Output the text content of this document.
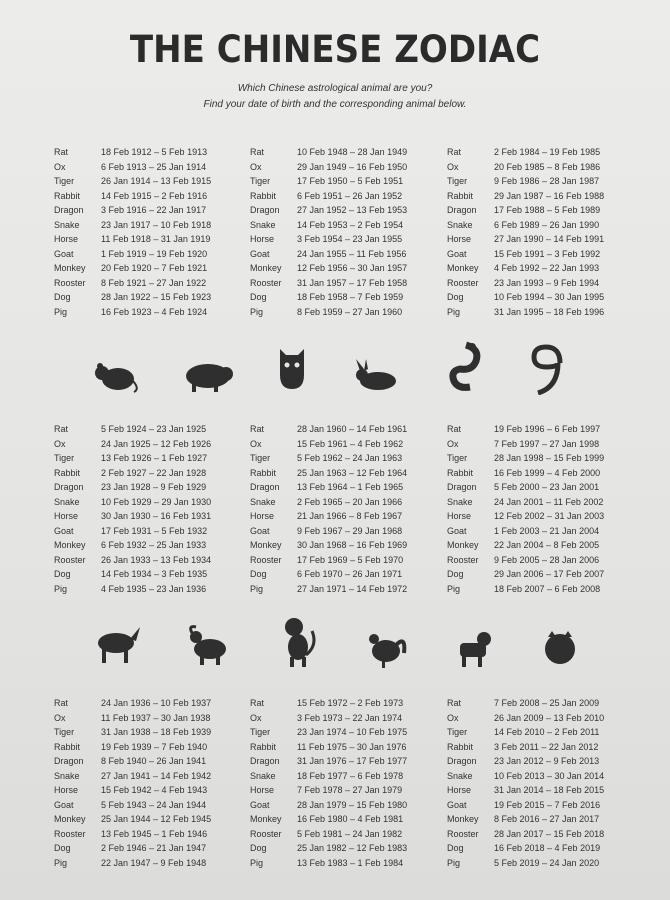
THE CHINESE ZODIAC
Which Chinese astrological animal are you?
Find your date of birth and the corresponding animal below.
Rat	18 Feb 1912 – 5 Feb 1913
Ox	6 Feb 1913 – 25 Jan 1914
Tiger	26 Jan 1914 – 13 Feb 1915
Rabbit 14 Feb 1915 – 2 Feb 1916
Dragon 3 Feb 1916 – 22 Jan 1917
Snake 23 Jan 1917 – 10 Feb 1918
Horse	11 Feb 1918 – 31 Jan 1919
Goat	1 Feb 1919 – 19 Feb 1920
Monkey 20 Feb 1920 – 7 Feb 1921
Rooster 8 Feb 1921 – 27 Jan 1922
Dog	28 Jan 1922 – 15 Feb 1923
Pig	16 Feb 1923 – 4 Feb 1924
Rat	10 Feb 1948 – 28 Jan 1949
Ox	29 Jan 1949 – 16 Feb 1950
Tiger	17 Feb 1950 – 5 Feb 1951
Rabbit 6 Feb 1951 – 26 Jan 1952
Dragon 27 Jan 1952 – 13 Feb 1953
Snake 14 Feb 1953 – 2 Feb 1954
Horse	3 Feb 1954 – 23 Jan 1955
Goat	24 Jan 1955 – 11 Feb 1956
Monkey 12 Feb 1956 – 30 Jan 1957
Rooster 31 Jan 1957 – 17 Feb 1958
Dog	18 Feb 1958 – 7 Feb 1959
Pig	8 Feb 1959 – 27 Jan 1960
Rat	2 Feb 1984 – 19 Feb 1985
Ox	20 Feb 1985 – 8 Feb 1986
Tiger	9 Feb 1986 – 28 Jan 1987
Rabbit 29 Jan 1987 – 16 Feb 1988
Dragon 17 Feb 1988 – 5 Feb 1989
Snake 6 Feb 1989 – 26 Jan 1990
Horse	27 Jan 1990 – 14 Feb 1991
Goat	15 Feb 1991 – 3 Feb 1992
Monkey 4 Feb 1992 – 22 Jan 1993
Rooster 23 Jan 1993 – 9 Feb 1994
Dog	10 Feb 1994 – 30 Jan 1995
Pig	31 Jan 1995 – 18 Feb 1996
Rat	5 Feb 1924 – 23 Jan 1925
Ox	24 Jan 1925 – 12 Feb 1926
Tiger	13 Feb 1926 – 1 Feb 1927
Rabbit 2 Feb 1927 – 22 Jan 1928
Dragon 23 Jan 1928 – 9 Feb 1929
Snake 10 Feb 1929 – 29 Jan 1930
Horse	30 Jan 1930 – 16 Feb 1931
Goat	17 Feb 1931 – 5 Feb 1932
Monkey 6 Feb 1932 – 25 Jan 1933
Rooster 26 Jan 1933 – 13 Feb 1934
Dog	14 Feb 1934 – 3 Feb 1935
Pig	4 Feb 1935 – 23 Jan 1936
Rat	28 Jan 1960 – 14 Feb 1961
Ox	15 Feb 1961 – 4 Feb 1962
Tiger	5 Feb 1962 – 24 Jan 1963
Rabbit 25 Jan 1963 – 12 Feb 1964
Dragon 13 Feb 1964 – 1 Feb 1965
Snake 2 Feb 1965 – 20 Jan 1966
Horse	21 Jan 1966 – 8 Feb 1967
Goat	9 Feb 1967 – 29 Jan 1968
Monkey 30 Jan 1968 – 16 Feb 1969
Rooster 17 Feb 1969 – 5 Feb 1970
Dog	6 Feb 1970 – 26 Jan 1971
Pig	27 Jan 1971 – 14 Feb 1972
Rat	19 Feb 1996 – 6 Feb 1997
Ox	7 Feb 1997 – 27 Jan 1998
Tiger	28 Jan 1998 – 15 Feb 1999
Rabbit 16 Feb 1999 – 4 Feb 2000
Dragon 5 Feb 2000 – 23 Jan 2001
Snake 24 Jan 2001 – 11 Feb 2002
Horse	12 Feb 2002 – 31 Jan 2003
Goat	1 Feb 2003 – 21 Jan 2004
Monkey 22 Jan 2004 – 8 Feb 2005
Rooster 9 Feb 2005 – 28 Jan 2006
Dog	29 Jan 2006 – 17 Feb 2007
Pig	18 Feb 2007 – 6 Feb 2008
Rat	24 Jan 1936 – 10 Feb 1937
Ox	11 Feb 1937 – 30 Jan 1938
Tiger	31 Jan 1938 – 18 Feb 1939
Rabbit 19 Feb 1939 – 7 Feb 1940
Dragon 8 Feb 1940 – 26 Jan 1941
Snake 27 Jan 1941 – 14 Feb 1942
Horse	15 Feb 1942 – 4 Feb 1943
Goat	5 Feb 1943 – 24 Jan 1944
Monkey 25 Jan 1944 – 12 Feb 1945
Rooster 13 Feb 1945 – 1 Feb 1946
Dog	2 Feb 1946 – 21 Jan 1947
Pig	22 Jan 1947 – 9 Feb 1948
Rat	15 Feb 1972 – 2 Feb 1973
Ox	3 Feb 1973 – 22 Jan 1974
Tiger	23 Jan 1974 – 10 Feb 1975
Rabbit 11 Feb 1975 – 30 Jan 1976
Dragon 31 Jan 1976 – 17 Feb 1977
Snake 18 Feb 1977 – 6 Feb 1978
Horse	7 Feb 1978 – 27 Jan 1979
Goat	28 Jan 1979 – 15 Feb 1980
Monkey 16 Feb 1980 – 4 Feb 1981
Rooster 5 Feb 1981 – 24 Jan 1982
Dog	25 Jan 1982 – 12 Feb 1983
Pig	13 Feb 1983 – 1 Feb 1984
Rat	7 Feb 2008 – 25 Jan 2009
Ox	26 Jan 2009 – 13 Feb 2010
Tiger	14 Feb 2010 – 2 Feb 2011
Rabbit 3 Feb 2011 – 22 Jan 2012
Dragon 23 Jan 2012 – 9 Feb 2013
Snake 10 Feb 2013 – 30 Jan 2014
Horse	31 Jan 2014 – 18 Feb 2015
Goat	19 Feb 2015 – 7 Feb 2016
Monkey 8 Feb 2016 – 27 Jan 2017
Rooster 28 Jan 2017 – 15 Feb 2018
Dog	16 Feb 2018 – 4 Feb 2019
Pig	5 Feb 2019 – 24 Jan 2020
